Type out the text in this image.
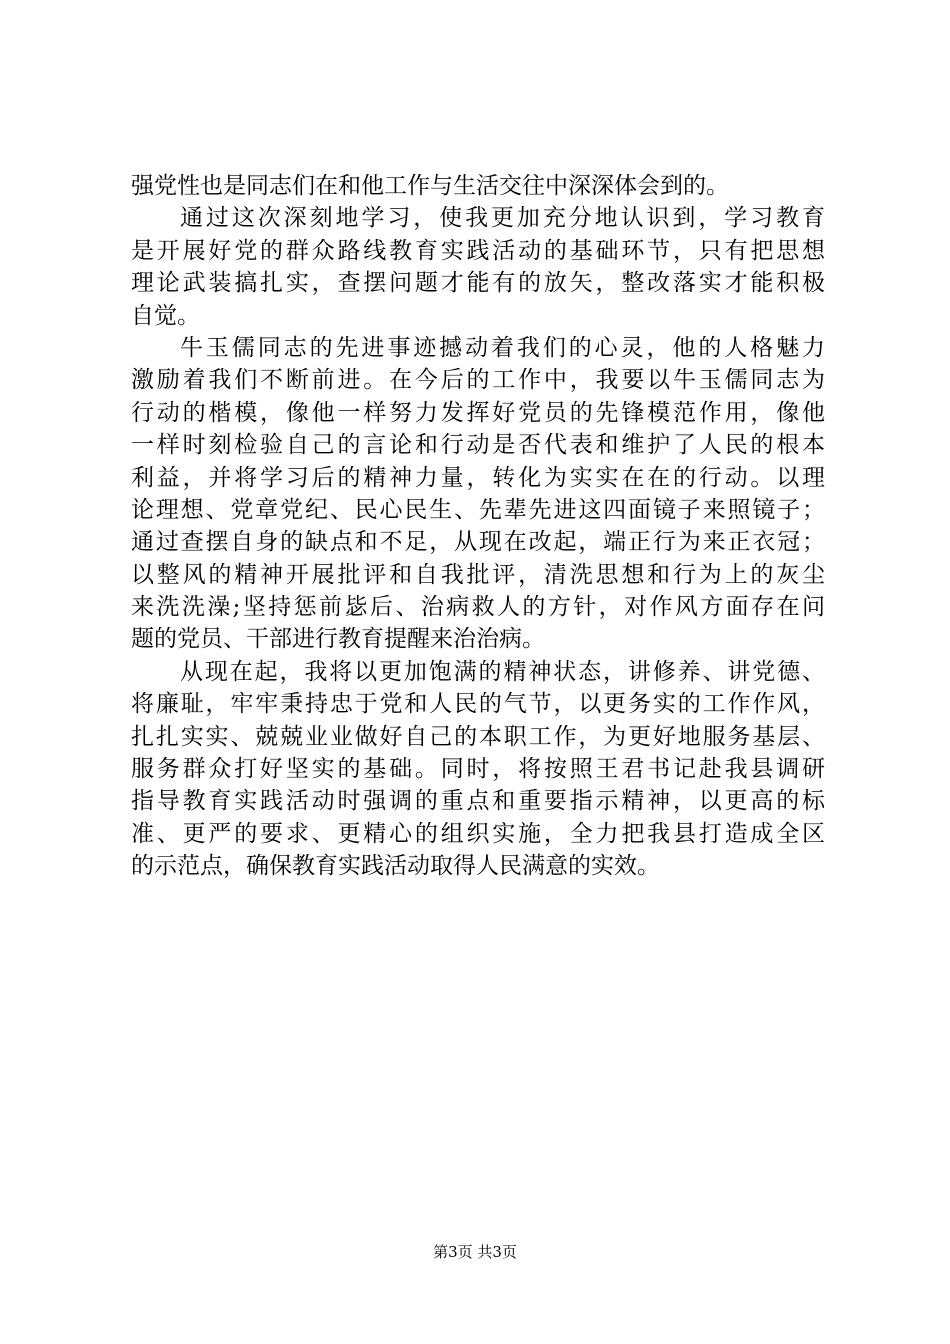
强党性也是同志们在和他工作与生活交往中深深体会到的。
通过这次深刻地学习，使我更加充分地认识到，学习教育
是开展好党的群众路线教育实践活动的基础环节，只有把思想
理论武装搞扎实，查摆问题才能有的放矢，整改落实才能积极
自觉。
牛玉儒同志的先进事迹撼动着我们的心灵，他的人格魅力
激励着我们不断前进。在今后的工作中，我要以牛玉儒同志为
行动的楷模，像他一样努力发挥好党员的先锋模范作用，像他
一样时刻检验自己的言论和行动是否代表和维护了人民的根本
利益，并将学习后的精神力量，转化为实实在在的行动。以理
论理想、党章党纪、民心民生、先辈先进这四面镜子来照镜子；
通过查摆自身的缺点和不足，从现在改起，端正行为来正衣冠；
以整风的精神开展批评和自我批评，清洗思想和行为上的灰尘
来洗洗澡;坚持惩前毖后、治病救人的方针，对作风方面存在问
题的党员、干部进行教育提醒来治治病。
从现在起，我将以更加饱满的精神状态，讲修养、讲党德、
将廉耻，牢牢秉持忠于党和人民的气节，以更务实的工作作风，
扎扎实实、兢兢业业做好自己的本职工作，为更好地服务基层、
服务群众打好坚实的基础。同时，将按照王君书记赴我县调研
指导教育实践活动时强调的重点和重要指示精神，以更高的标
准、更严的要求、更精心的组织实施，全力把我县打造成全区
的示范点，确保教育实践活动取得人民满意的实效。
第3页 共3页
